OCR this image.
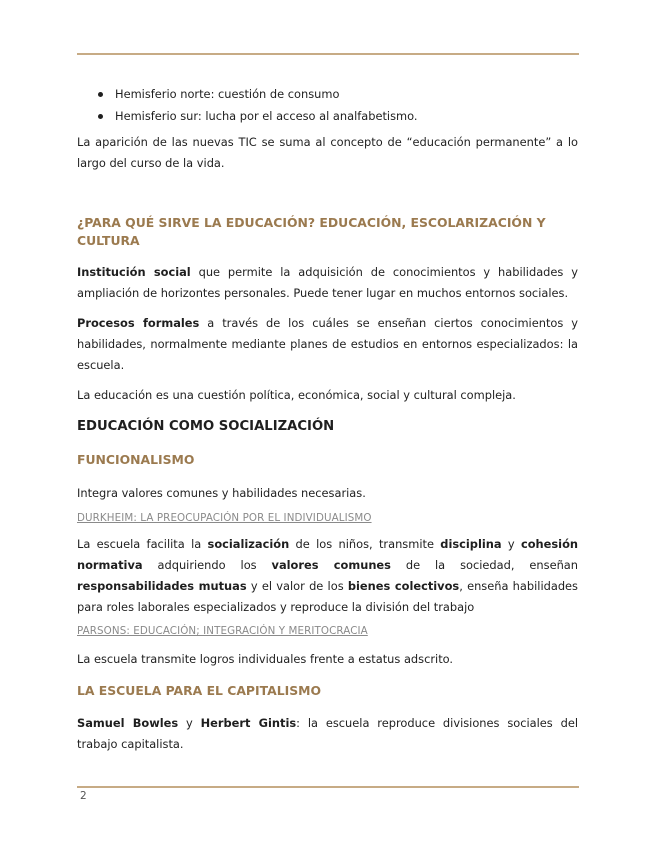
Hemisferio norte: cuestión de consumo
Hemisferio sur: lucha por el acceso al analfabetismo.

La aparición de las nuevas TIC se suma al concepto de “educación permanente” a lo largo del curso de la vida.

¿PARA QUÉ SIRVE LA EDUCACIÓN? EDUCACIÓN, ESCOLARIZACIÓN Y CULTURA

Institución social que permite la adquisición de conocimientos y habilidades y ampliación de horizontes personales. Puede tener lugar en muchos entornos sociales.

Procesos formales a través de los cuáles se enseñan ciertos conocimientos y habilidades, normalmente mediante planes de estudios en entornos especializados: la escuela.

La educación es una cuestión política, económica, social y cultural compleja.

EDUCACIÓN COMO SOCIALIZACIÓN
FUNCIONALISMO

Integra valores comunes y habilidades necesarias.

DURKHEIM: LA PREOCUPACIÓN POR EL INDIVIDUALISMO

La escuela facilita la socialización de los niños, transmite disciplina y cohesión normativa adquiriendo los valores comunes de la sociedad, enseñan responsabilidades mutuas y el valor de los bienes colectivos, enseña habilidades para roles laborales especializados y reproduce la división del trabajo

PARSONS: EDUCACIÓN; INTEGRACIÓN Y MERITOCRACIA

La escuela transmite logros individuales frente a estatus adscrito.

LA ESCUELA PARA EL CAPITALISMO

Samuel Bowles y Herbert Gintis: la escuela reproduce divisiones sociales del trabajo capitalista.

2
